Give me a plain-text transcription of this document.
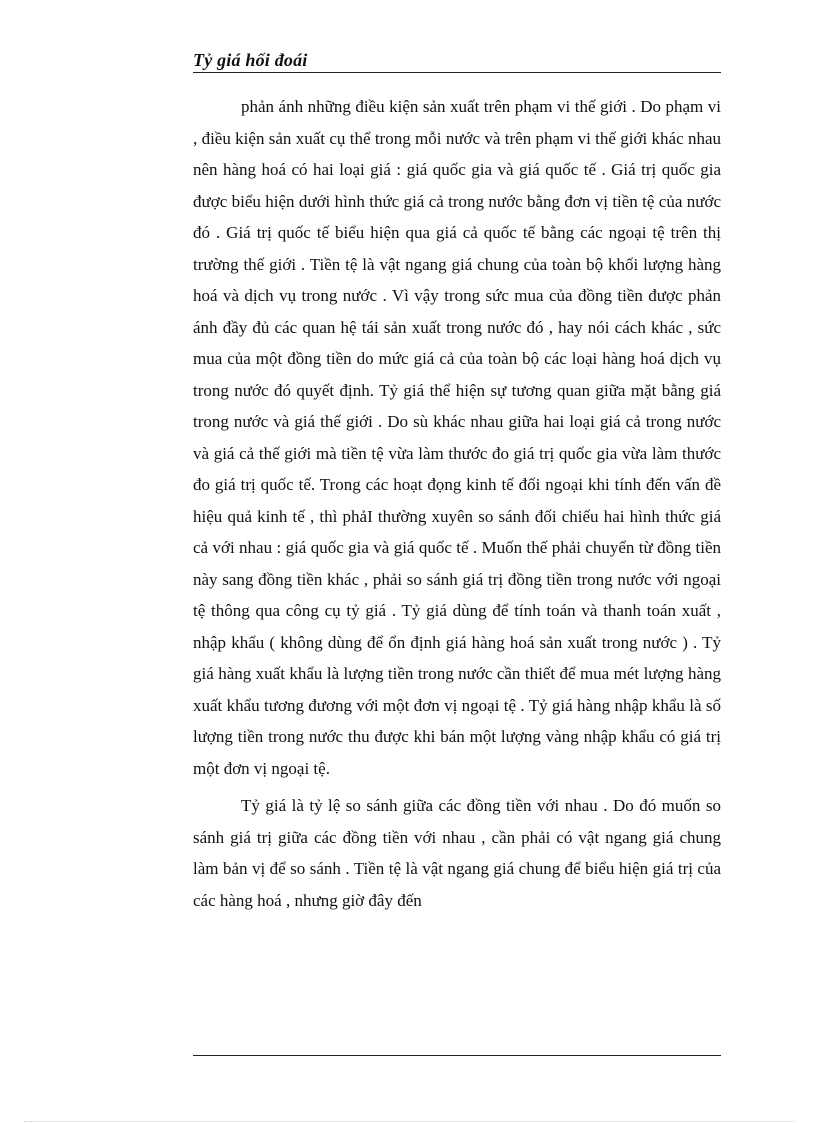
Tỷ giá hối đoái

phản ánh những điều kiện sản xuất trên phạm vi thế giới . Do phạm vi , điều kiện sản xuất cụ thể trong mỗi nước và trên phạm vi thế giới khác nhau nên hàng hoá có hai loại giá : giá quốc gia và giá quốc tế . Giá trị quốc gia được biểu hiện dưới hình thức giá cả trong nước bằng đơn vị tiền tệ của nước đó . Giá trị quốc tế biểu hiện qua giá cả quốc tế bằng các ngoại tệ trên thị trường thế giới . Tiền tệ là vật ngang giá chung của toàn bộ khối lượng hàng hoá và dịch vụ trong nước . Vì vậy trong sức mua của đồng tiền được phản ánh đầy đủ các quan hệ tái sản xuất trong nước đó , hay nói cách khác , sức mua của một đồng tiền do mức giá cả của toàn bộ các loại hàng hoá dịch vụ trong nước đó quyết định. Tỷ giá thể hiện sự tương quan giữa mặt bằng giá trong nước và giá thế giới . Do sù khác nhau giữa hai loại giá cả trong nước và giá cả thế giới mà tiền tệ vừa làm thước đo giá trị quốc gia vừa làm thước đo giá trị quốc tế. Trong các hoạt đọng kinh tế đối ngoại khi tính đến vấn đề hiệu quả kinh tế , thì phảI thường xuyên so sánh đối chiếu hai hình thức giá cả với nhau : giá quốc gia và giá quốc tế . Muốn thế phải chuyển từ đồng tiền này sang đồng tiền khác , phải so sánh giá trị đồng tiền trong nước với ngoại tệ thông qua công cụ tỷ giá . Tỷ giá dùng để tính toán và thanh toán xuất , nhập khẩu ( không dùng để ổn định giá hàng hoá sản xuất trong nước ) . Tỷ giá hàng xuất khẩu là lượng tiền trong nước cần thiết để mua mét lượng hàng xuất khẩu tương đương với một đơn vị ngoại tệ . Tỷ giá hàng nhập khẩu là số lượng tiền trong nước thu được khi bán một lượng vàng nhập khẩu có giá trị một đơn vị ngoại tệ.

Tỷ giá là tỷ lệ so sánh giữa các đồng tiền với nhau . Do đó muốn so sánh giá trị giữa các đồng tiền với nhau , cần phải có vật ngang giá chung làm bản vị để so sánh . Tiền tệ là vật ngang giá chung để biểu hiện giá trị của các hàng hoá , nhưng giờ đây đến
